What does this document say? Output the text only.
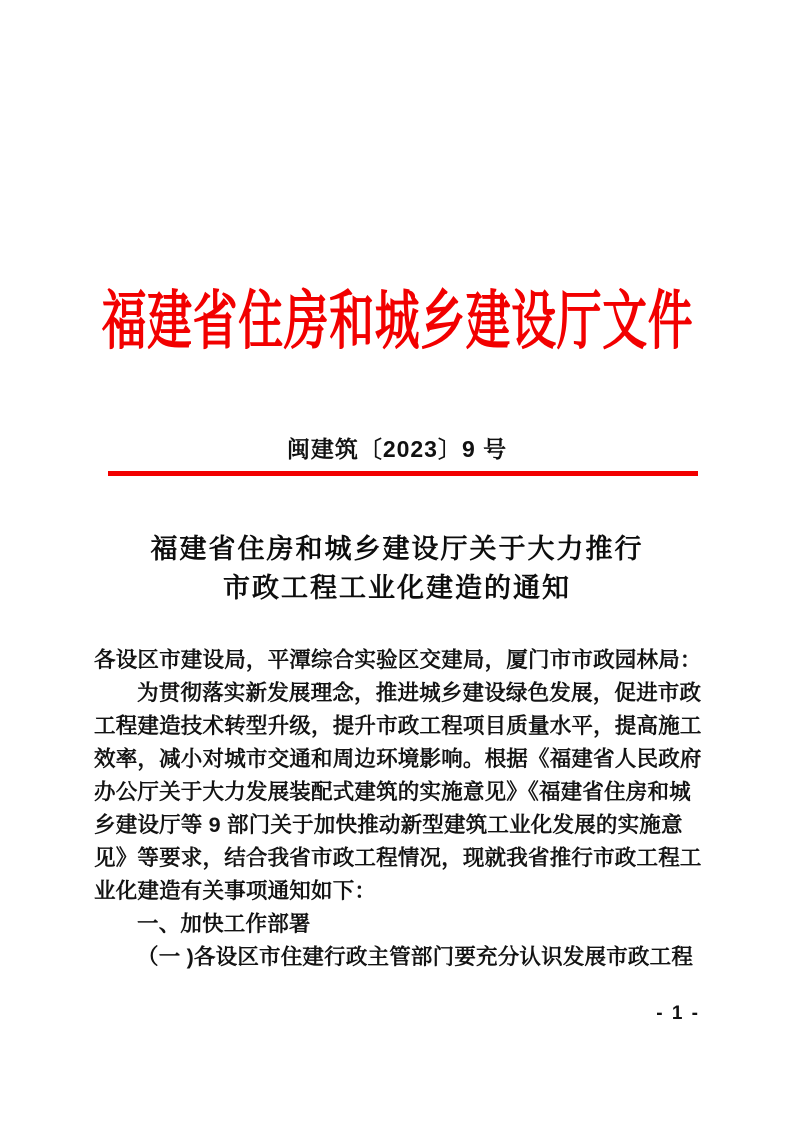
福建省住房和城乡建设厅文件
闽建筑〔2023〕9 号
福建省住房和城乡建设厅关于大力推行
市政工程工业化建造的通知
各设区市建设局，平潭综合实验区交建局，厦门市市政园林局：
为贯彻落实新发展理念，推进城乡建设绿色发展，促进市政
工程建造技术转型升级，提升市政工程项目质量水平，提高施工
效率，减小对城市交通和周边环境影响。根据《福建省人民政府
办公厅关于大力发展装配式建筑的实施意见》《福建省住房和城
乡建设厅等 9 部门关于加快推动新型建筑工业化发展的实施意
见》等要求，结合我省市政工程情况，现就我省推行市政工程工
业化建造有关事项通知如下：
一、加快工作部署
（一 )各设区市住建行政主管部门要充分认识发展市政工程
- 1 -
